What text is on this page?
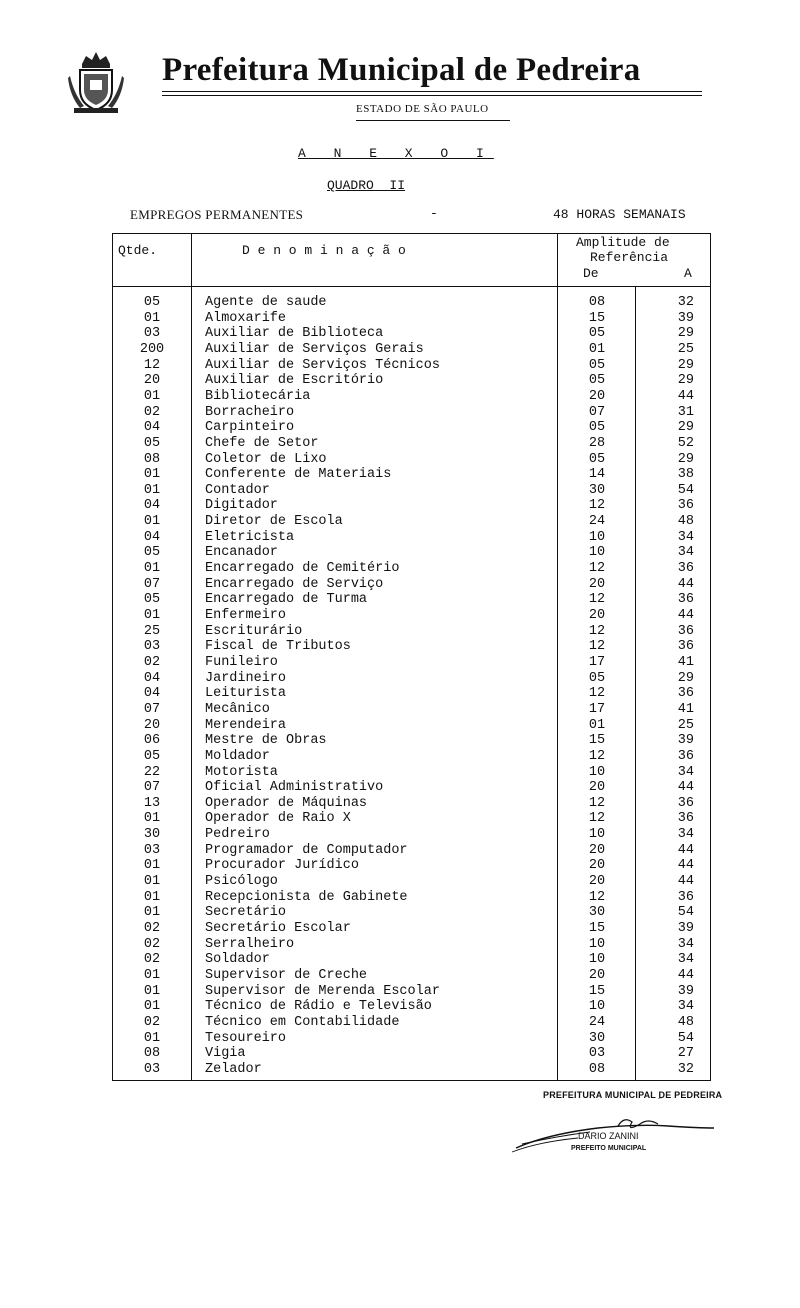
Prefeitura Municipal de Pedreira
ESTADO DE SÃO PAULO
A N E X O I
QUADRO  II
EMPREGOS PERMANENTES	-	48 HORAS SEMANAIS
Qtde.	D e n o m i n a ç ã o
Amplitude de
Referência
De	A
05	Agente de saude	08	32
01	Almoxarife	15	39
03	Auxiliar de Biblioteca	05	29
200	Auxiliar de Serviços Gerais	01	25
12	Auxiliar de Serviços Técnicos	05	29
20	Auxiliar de Escritório	05	29
01	Bibliotecária	20	44
02	Borracheiro	07	31
04	Carpinteiro	05	29
05	Chefe de Setor	28	52
08	Coletor de Lixo	05	29
01	Conferente de Materiais	14	38
01	Contador	30	54
04	Digitador	12	36
01	Diretor de Escola	24	48
04	Eletricista	10	34
05	Encanador	10	34
01	Encarregado de Cemitério	12	36
07	Encarregado de Serviço	20	44
05	Encarregado de Turma	12	36
01	Enfermeiro	20	44
25	Escriturário	12	36
03	Fiscal de Tributos	12	36
02	Funileiro	17	41
04	Jardineiro	05	29
04	Leiturista	12	36
07	Mecânico	17	41
20	Merendeira	01	25
06	Mestre de Obras	15	39
05	Moldador	12	36
22	Motorista	10	34
07	Oficial Administrativo	20	44
13	Operador de Máquinas	12	36
01	Operador de Raio X	12	36
30	Pedreiro	10	34
03	Programador de Computador	20	44
01	Procurador Jurídico	20	44
01	Psicólogo	20	44
01	Recepcionista de Gabinete	12	36
01	Secretário	30	54
02	Secretário Escolar	15	39
02	Serralheiro	10	34
02	Soldador	10	34
01	Supervisor de Creche	20	44
01	Supervisor de Merenda Escolar	15	39
01	Técnico de Rádio e Televisão	10	34
02	Técnico em Contabilidade	24	48
01	Tesoureiro	30	54
08	Vigia	03	27
03	Zelador	08	32
PREFEITURA MUNICIPAL DE PEDREIRA
DARIO ZANINI
PREFEITO MUNICIPAL
